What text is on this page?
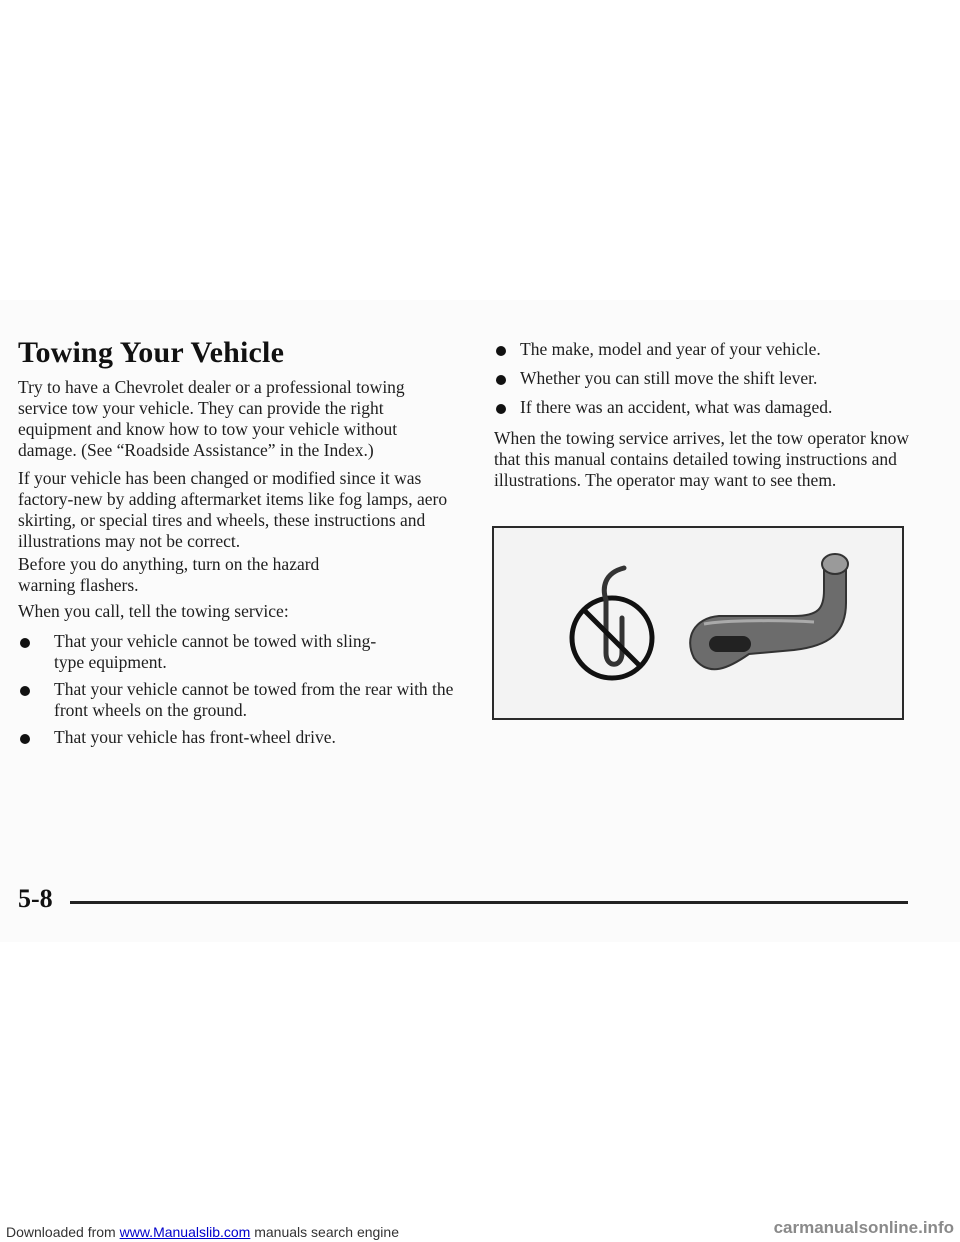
Towing Your Vehicle
Try to have a Chevrolet dealer or a professional towing service tow your vehicle. They can provide the right equipment and know how to tow your vehicle without damage. (See “Roadside Assistance” in the Index.)
If your vehicle has been changed or modified since it was factory-new by adding aftermarket items like fog lamps, aero skirting, or special tires and wheels, these instructions and illustrations may not be correct.
Before you do anything, turn on the hazard warning flashers.
When you call, tell the towing service:
That your vehicle cannot be towed with sling-type equipment.
That your vehicle cannot be towed from the rear with the front wheels on the ground.
That your vehicle has front-wheel drive.
The make, model and year of your vehicle.
Whether you can still move the shift lever.
If there was an accident, what was damaged.
When the towing service arrives, let the tow operator know that this manual contains detailed towing instructions and illustrations. The operator may want to see them.
5-8
Downloaded from www.Manualslib.com manuals search engine	carmanualsonline.info
